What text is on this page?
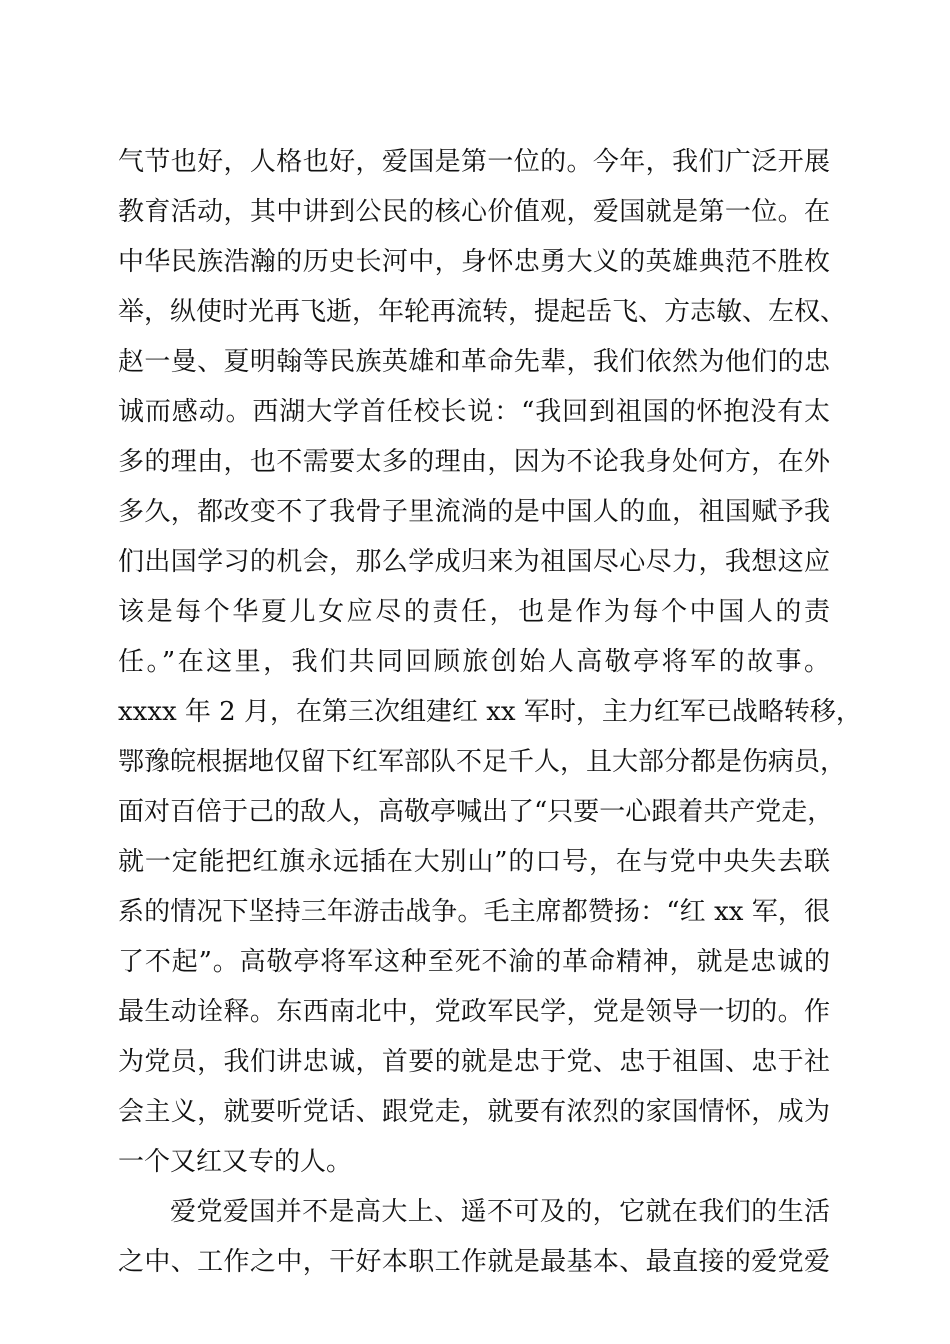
气节也好，人格也好，爱国是第一位的。今年，我们广泛开展
教育活动，其中讲到公民的核心价值观，爱国就是第一位。在
中华民族浩瀚的历史长河中，身怀忠勇大义的英雄典范不胜枚
举，纵使时光再飞逝，年轮再流转，提起岳飞、方志敏、左权、
赵一曼、夏明翰等民族英雄和革命先辈，我们依然为他们的忠
诚而感动。西湖大学首任校长说：“我回到祖国的怀抱没有太
多的理由，也不需要太多的理由，因为不论我身处何方，在外
多久，都改变不了我骨子里流淌的是中国人的血，祖国赋予我
们出国学习的机会，那么学成归来为祖国尽心尽力，我想这应
该是每个华夏儿女应尽的责任，也是作为每个中国人的责
任。”在这里，我们共同回顾旅创始人高敬亭将军的故事。
xxxx 年 2 月，在第三次组建红 xx 军时，主力红军已战略转移，
鄂豫皖根据地仅留下红军部队不足千人，且大部分都是伤病员，
面对百倍于己的敌人，高敬亭喊出了“只要一心跟着共产党走，
就一定能把红旗永远插在大别山”的口号，在与党中央失去联
系的情况下坚持三年游击战争。毛主席都赞扬：“红 xx 军，很
了不起”。高敬亭将军这种至死不渝的革命精神，就是忠诚的
最生动诠释。东西南北中，党政军民学，党是领导一切的。作
为党员，我们讲忠诚，首要的就是忠于党、忠于祖国、忠于社
会主义，就要听党话、跟党走，就要有浓烈的家国情怀，成为
一个又红又专的人。
爱党爱国并不是高大上、遥不可及的，它就在我们的生活
之中、工作之中，干好本职工作就是最基本、最直接的爱党爱
